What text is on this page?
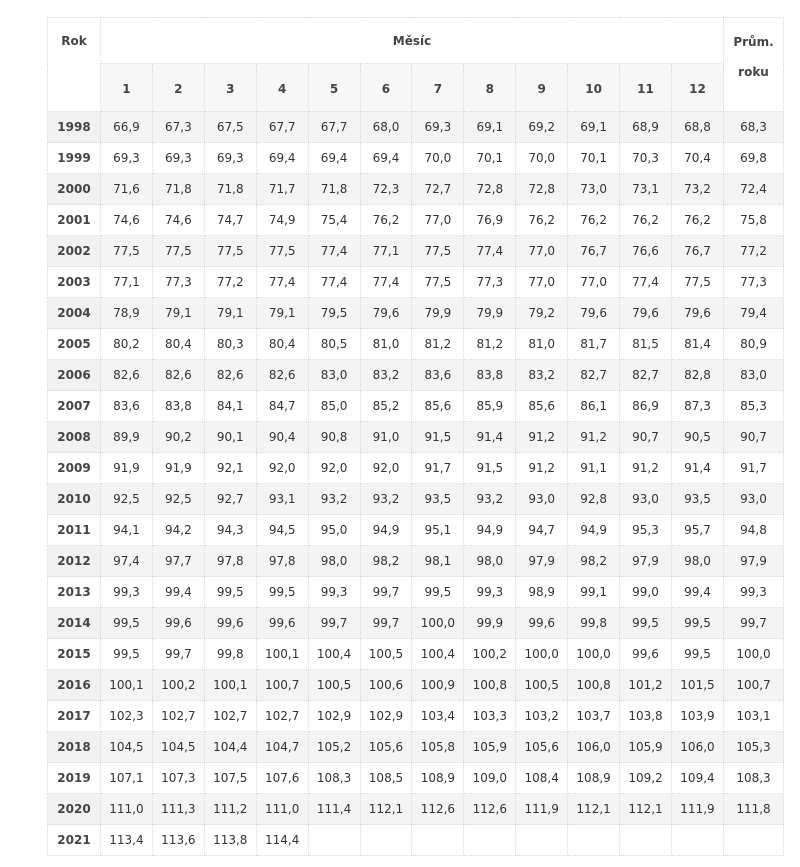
Rok	Měsíc												Prům.
roku
	1	2	3	4	5	6	7	8	9	10	11	12	
1998	66,9	67,3	67,5	67,7	67,7	68,0	69,3	69,1	69,2	69,1	68,9	68,8	68,3
1999	69,3	69,3	69,3	69,4	69,4	69,4	70,0	70,1	70,0	70,1	70,3	70,4	69,8
2000	71,6	71,8	71,8	71,7	71,8	72,3	72,7	72,8	72,8	73,0	73,1	73,2	72,4
2001	74,6	74,6	74,7	74,9	75,4	76,2	77,0	76,9	76,2	76,2	76,2	76,2	75,8
2002	77,5	77,5	77,5	77,5	77,4	77,1	77,5	77,4	77,0	76,7	76,6	76,7	77,2
2003	77,1	77,3	77,2	77,4	77,4	77,4	77,5	77,3	77,0	77,0	77,4	77,5	77,3
2004	78,9	79,1	79,1	79,1	79,5	79,6	79,9	79,9	79,2	79,6	79,6	79,6	79,4
2005	80,2	80,4	80,3	80,4	80,5	81,0	81,2	81,2	81,0	81,7	81,5	81,4	80,9
2006	82,6	82,6	82,6	82,6	83,0	83,2	83,6	83,8	83,2	82,7	82,7	82,8	83,0
2007	83,6	83,8	84,1	84,7	85,0	85,2	85,6	85,9	85,6	86,1	86,9	87,3	85,3
2008	89,9	90,2	90,1	90,4	90,8	91,0	91,5	91,4	91,2	91,2	90,7	90,5	90,7
2009	91,9	91,9	92,1	92,0	92,0	92,0	91,7	91,5	91,2	91,1	91,2	91,4	91,7
2010	92,5	92,5	92,7	93,1	93,2	93,2	93,5	93,2	93,0	92,8	93,0	93,5	93,0
2011	94,1	94,2	94,3	94,5	95,0	94,9	95,1	94,9	94,7	94,9	95,3	95,7	94,8
2012	97,4	97,7	97,8	97,8	98,0	98,2	98,1	98,0	97,9	98,2	97,9	98,0	97,9
2013	99,3	99,4	99,5	99,5	99,3	99,7	99,5	99,3	98,9	99,1	99,0	99,4	99,3
2014	99,5	99,6	99,6	99,6	99,7	99,7	100,0	99,9	99,6	99,8	99,5	99,5	99,7
2015	99,5	99,7	99,8	100,1	100,4	100,5	100,4	100,2	100,0	100,0	99,6	99,5	100,0
2016	100,1	100,2	100,1	100,7	100,5	100,6	100,9	100,8	100,5	100,8	101,2	101,5	100,7
2017	102,3	102,7	102,7	102,7	102,9	102,9	103,4	103,3	103,2	103,7	103,8	103,9	103,1
2018	104,5	104,5	104,4	104,7	105,2	105,6	105,8	105,9	105,6	106,0	105,9	106,0	105,3
2019	107,1	107,3	107,5	107,6	108,3	108,5	108,9	109,0	108,4	108,9	109,2	109,4	108,3
2020	111,0	111,3	111,2	111,0	111,4	112,1	112,6	112,6	111,9	112,1	112,1	111,9	111,8
2021	113,4	113,6	113,8	114,4									
